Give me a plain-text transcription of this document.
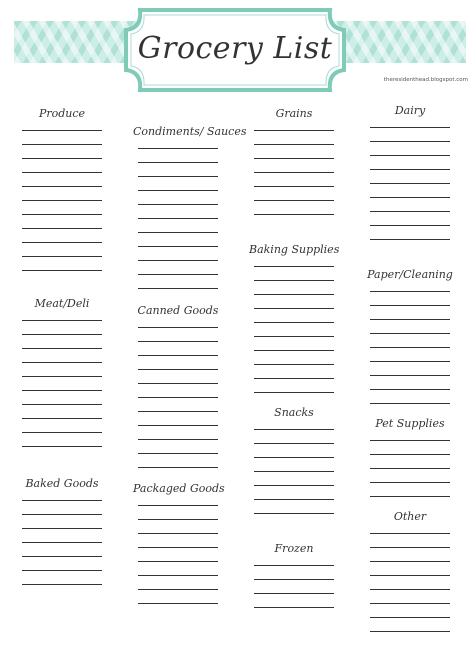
Grocery List
theresidenthead.blogspot.com
Produce
Meat/Deli
Baked Goods
Condiments/ Sauces
Canned Goods
Packaged Goods
Grains
Baking Supplies
Snacks
Frozen
Dairy
Paper/Cleaning
Pet Supplies
Other
